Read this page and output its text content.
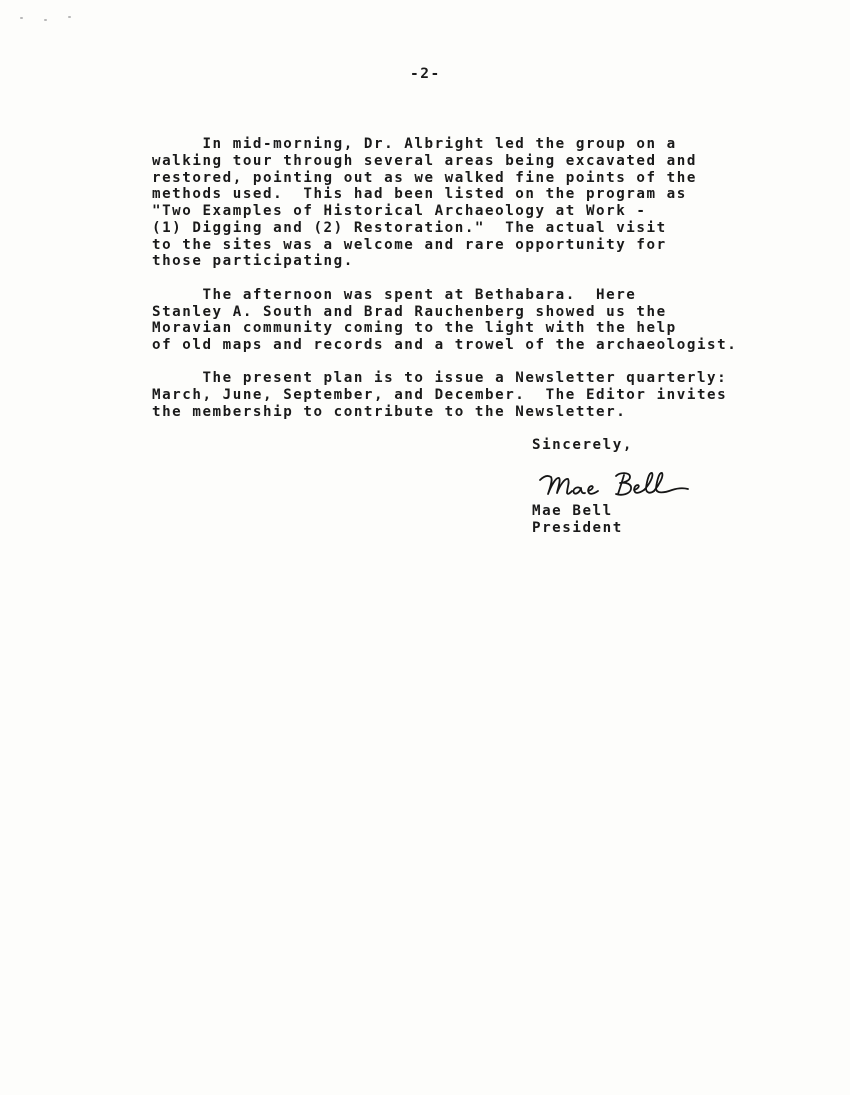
-2-
In mid-morning, Dr. Albright led the group on a
walking tour through several areas being excavated and
restored, pointing out as we walked fine points of the
methods used.  This had been listed on the program as
"Two Examples of Historical Archaeology at Work -
(1) Digging and (2) Restoration."  The actual visit
to the sites was a welcome and rare opportunity for
those participating.
The afternoon was spent at Bethabara.  Here
Stanley A. South and Brad Rauchenberg showed us the
Moravian community coming to the light with the help
of old maps and records and a trowel of the archaeologist.
The present plan is to issue a Newsletter quarterly:
March, June, September, and December.  The Editor invites
the membership to contribute to the Newsletter.
Sincerely,
Mae Bell
President
